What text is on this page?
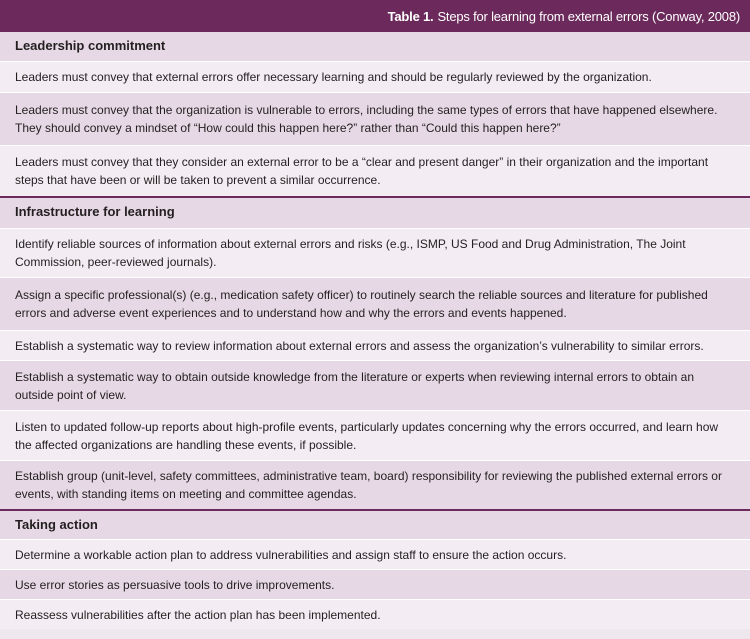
Table 1. Steps for learning from external errors (Conway, 2008)
Leadership commitment
Leaders must convey that external errors offer necessary learning and should be regularly reviewed by the organization.
Leaders must convey that the organization is vulnerable to errors, including the same types of errors that have happened elsewhere. They should convey a mindset of “How could this happen here?” rather than “Could this happen here?”
Leaders must convey that they consider an external error to be a “clear and present danger” in their organization and the important steps that have been or will be taken to prevent a similar occurrence.
Infrastructure for learning
Identify reliable sources of information about external errors and risks (e.g., ISMP, US Food and Drug Administration, The Joint Commission, peer-reviewed journals).
Assign a specific professional(s) (e.g., medication safety officer) to routinely search the reliable sources and literature for published errors and adverse event experiences and to understand how and why the errors and events happened.
Establish a systematic way to review information about external errors and assess the organization’s vulnerability to similar errors.
Establish a systematic way to obtain outside knowledge from the literature or experts when reviewing internal errors to obtain an outside point of view.
Listen to updated follow-up reports about high-profile events, particularly updates concerning why the errors occurred, and learn how the affected organizations are handling these events, if possible.
Establish group (unit-level, safety committees, administrative team, board) responsibility for reviewing the published external errors or events, with standing items on meeting and committee agendas.
Taking action
Determine a workable action plan to address vulnerabilities and assign staff to ensure the action occurs.
Use error stories as persuasive tools to drive improvements.
Reassess vulnerabilities after the action plan has been implemented.
